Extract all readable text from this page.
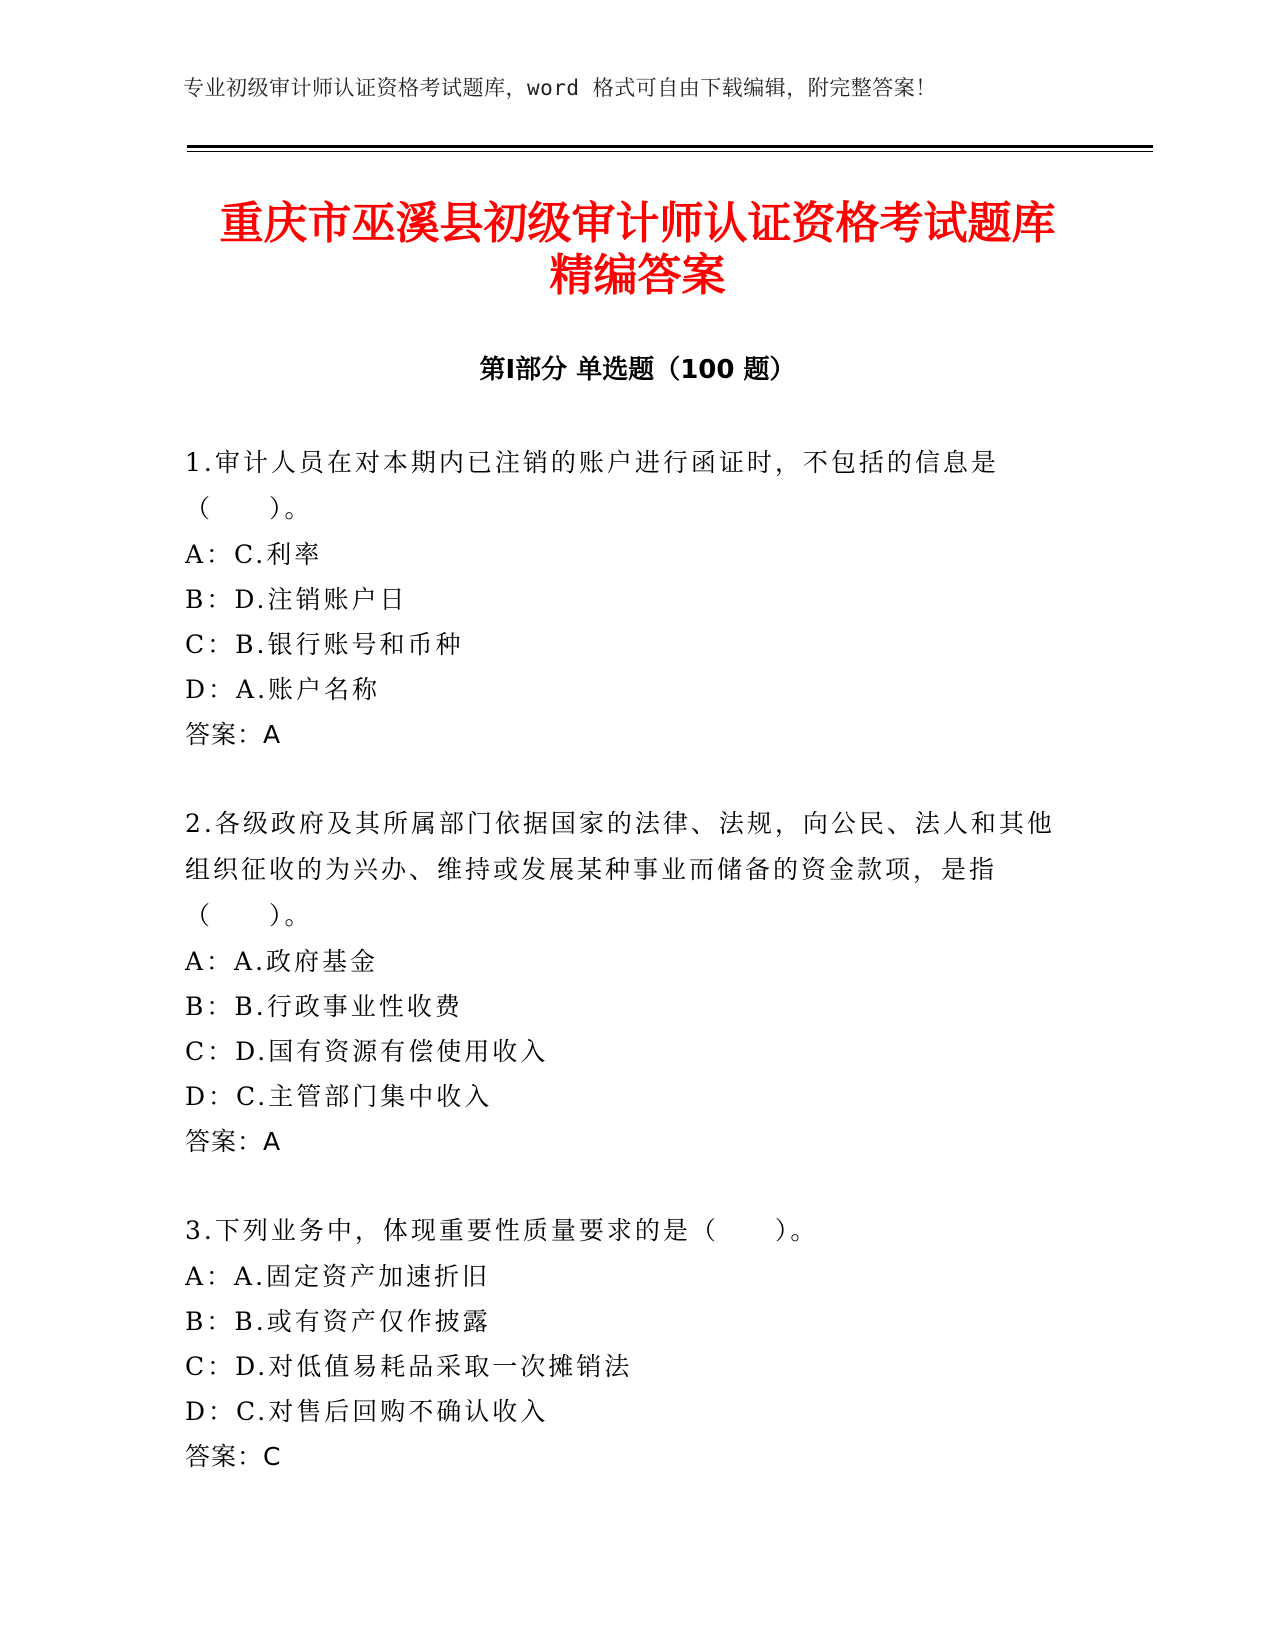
专业初级审计师认证资格考试题库，word 格式可自由下载编辑，附完整答案！
重庆市巫溪县初级审计师认证资格考试题库
精编答案
第Ⅰ部分 单选题（100 题）

1.审计人员在对本期内已注销的账户进行函证时，不包括的信息是（　　）。

A：C.利率

B：D.注销账户日

C：B.银行账号和币种

D：A.账户名称

答案：A

2.各级政府及其所属部门依据国家的法律、法规，向公民、法人和其他组织征收的为兴办、维持或发展某种事业而储备的资金款项，是指（　　）。

A：A.政府基金

B：B.行政事业性收费

C：D.国有资源有偿使用收入

D：C.主管部门集中收入

答案：A

3.下列业务中，体现重要性质量要求的是（　　）。

A：A.固定资产加速折旧

B：B.或有资产仅作披露

C：D.对低值易耗品采取一次摊销法

D：C.对售后回购不确认收入

答案：C
